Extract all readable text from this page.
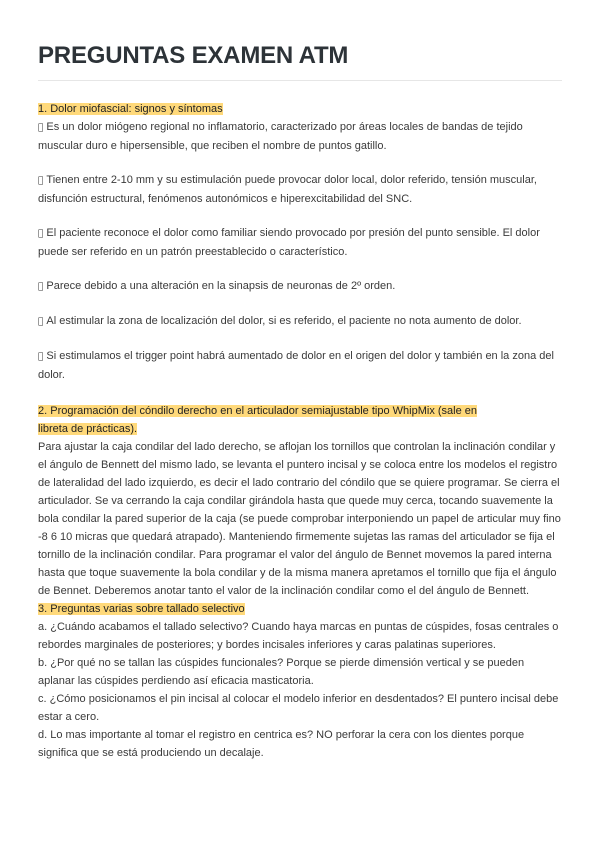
PREGUNTAS EXAMEN ATM

1. Dolor miofascial: signos y síntomas

Es un dolor miógeno regional no inflamatorio, caracterizado por áreas locales de bandas de tejido muscular duro e hipersensible, que reciben el nombre de puntos gatillo.

Tienen entre 2-10 mm y su estimulación puede provocar dolor local, dolor referido, tensión muscular, disfunción estructural, fenómenos autonómicos e hiperexcitabilidad del SNC.

El paciente reconoce el dolor como familiar siendo provocado por presión del punto sensible. El dolor puede ser referido en un patrón preestablecido o característico.

Parece debido a una alteración en la sinapsis de neuronas de 2º orden.

Al estimular la zona de localización del dolor, si es referido, el paciente no nota aumento de dolor.

Si estimulamos el trigger point habrá aumentado de dolor en el origen del dolor y también en la zona del dolor.

2. Programación del cóndilo derecho en el articulador semiajustable tipo WhipMix (sale en libreta de prácticas).

Para ajustar la caja condilar del lado derecho, se aflojan los tornillos que controlan la inclinación condilar y el ángulo de Bennett del mismo lado, se levanta el puntero incisal y se coloca entre los modelos el registro de lateralidad del lado izquierdo, es decir el lado contrario del cóndilo que se quiere programar. Se cierra el articulador. Se va cerrando la caja condilar girándola hasta que quede muy cerca, tocando suavemente la bola condilar la pared superior de la caja (se puede comprobar interponiendo un papel de articular muy fino -8 6 10 micras que quedará atrapado). Manteniendo firmemente sujetas las ramas del articulador se fija el tornillo de la inclinación condilar. Para programar el valor del ángulo de Bennet movemos la pared interna hasta que toque suavemente la bola condilar y de la misma manera apretamos el tornillo que fija el ángulo de Bennet. Deberemos anotar tanto el valor de la inclinación condilar como el del ángulo de Bennett.

3. Preguntas varias sobre tallado selectivo

a. ¿Cuándo acabamos el tallado selectivo? Cuando haya marcas en puntas de cúspides, fosas centrales o rebordes marginales de posteriores; y bordes incisales inferiores y caras palatinas superiores.

b. ¿Por qué no se tallan las cúspides funcionales? Porque se pierde dimensión vertical y se pueden aplanar las cúspides perdiendo así eficacia masticatoria.

c. ¿Cómo posicionamos el pin incisal al colocar el modelo inferior en desdentados? El puntero incisal debe estar a cero.

d. Lo mas importante al tomar el registro en centrica es? NO perforar la cera con los dientes porque significa que se está produciendo un decalaje.
